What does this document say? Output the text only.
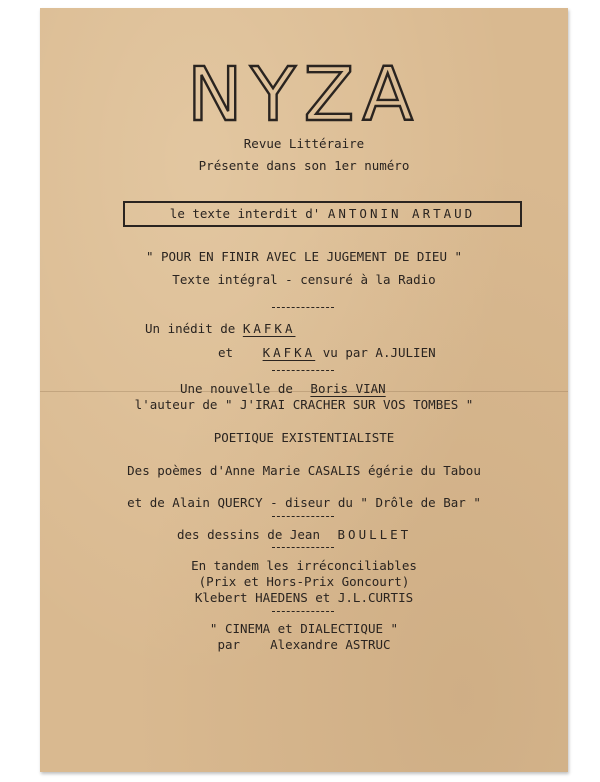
NYZA
Revue Littéraire
Présente dans son 1er numéro
le texte interdit d' ANTONIN ARTAUD
" POUR EN FINIR AVEC LE JUGEMENT DE DIEU "
Texte intégral - censuré à la Radio
Un inédit de KAFKA
et KAFKA vu par A.JULIEN
Une nouvelle de Boris VIAN
l'auteur de " J'IRAI CRACHER SUR VOS TOMBES "
POETIQUE EXISTENTIALISTE
Des poèmes d'Anne Marie CASALIS égérie du Tabou
et de Alain QUERCY - diseur du " Drôle de Bar "
des dessins de Jean BOULLET
En tandem les irréconciliables
(Prix et Hors-Prix Goncourt)
Klebert HAEDENS et J.L.CURTIS
" CINEMA et DIALECTIQUE "
par    Alexandre ASTRUC
